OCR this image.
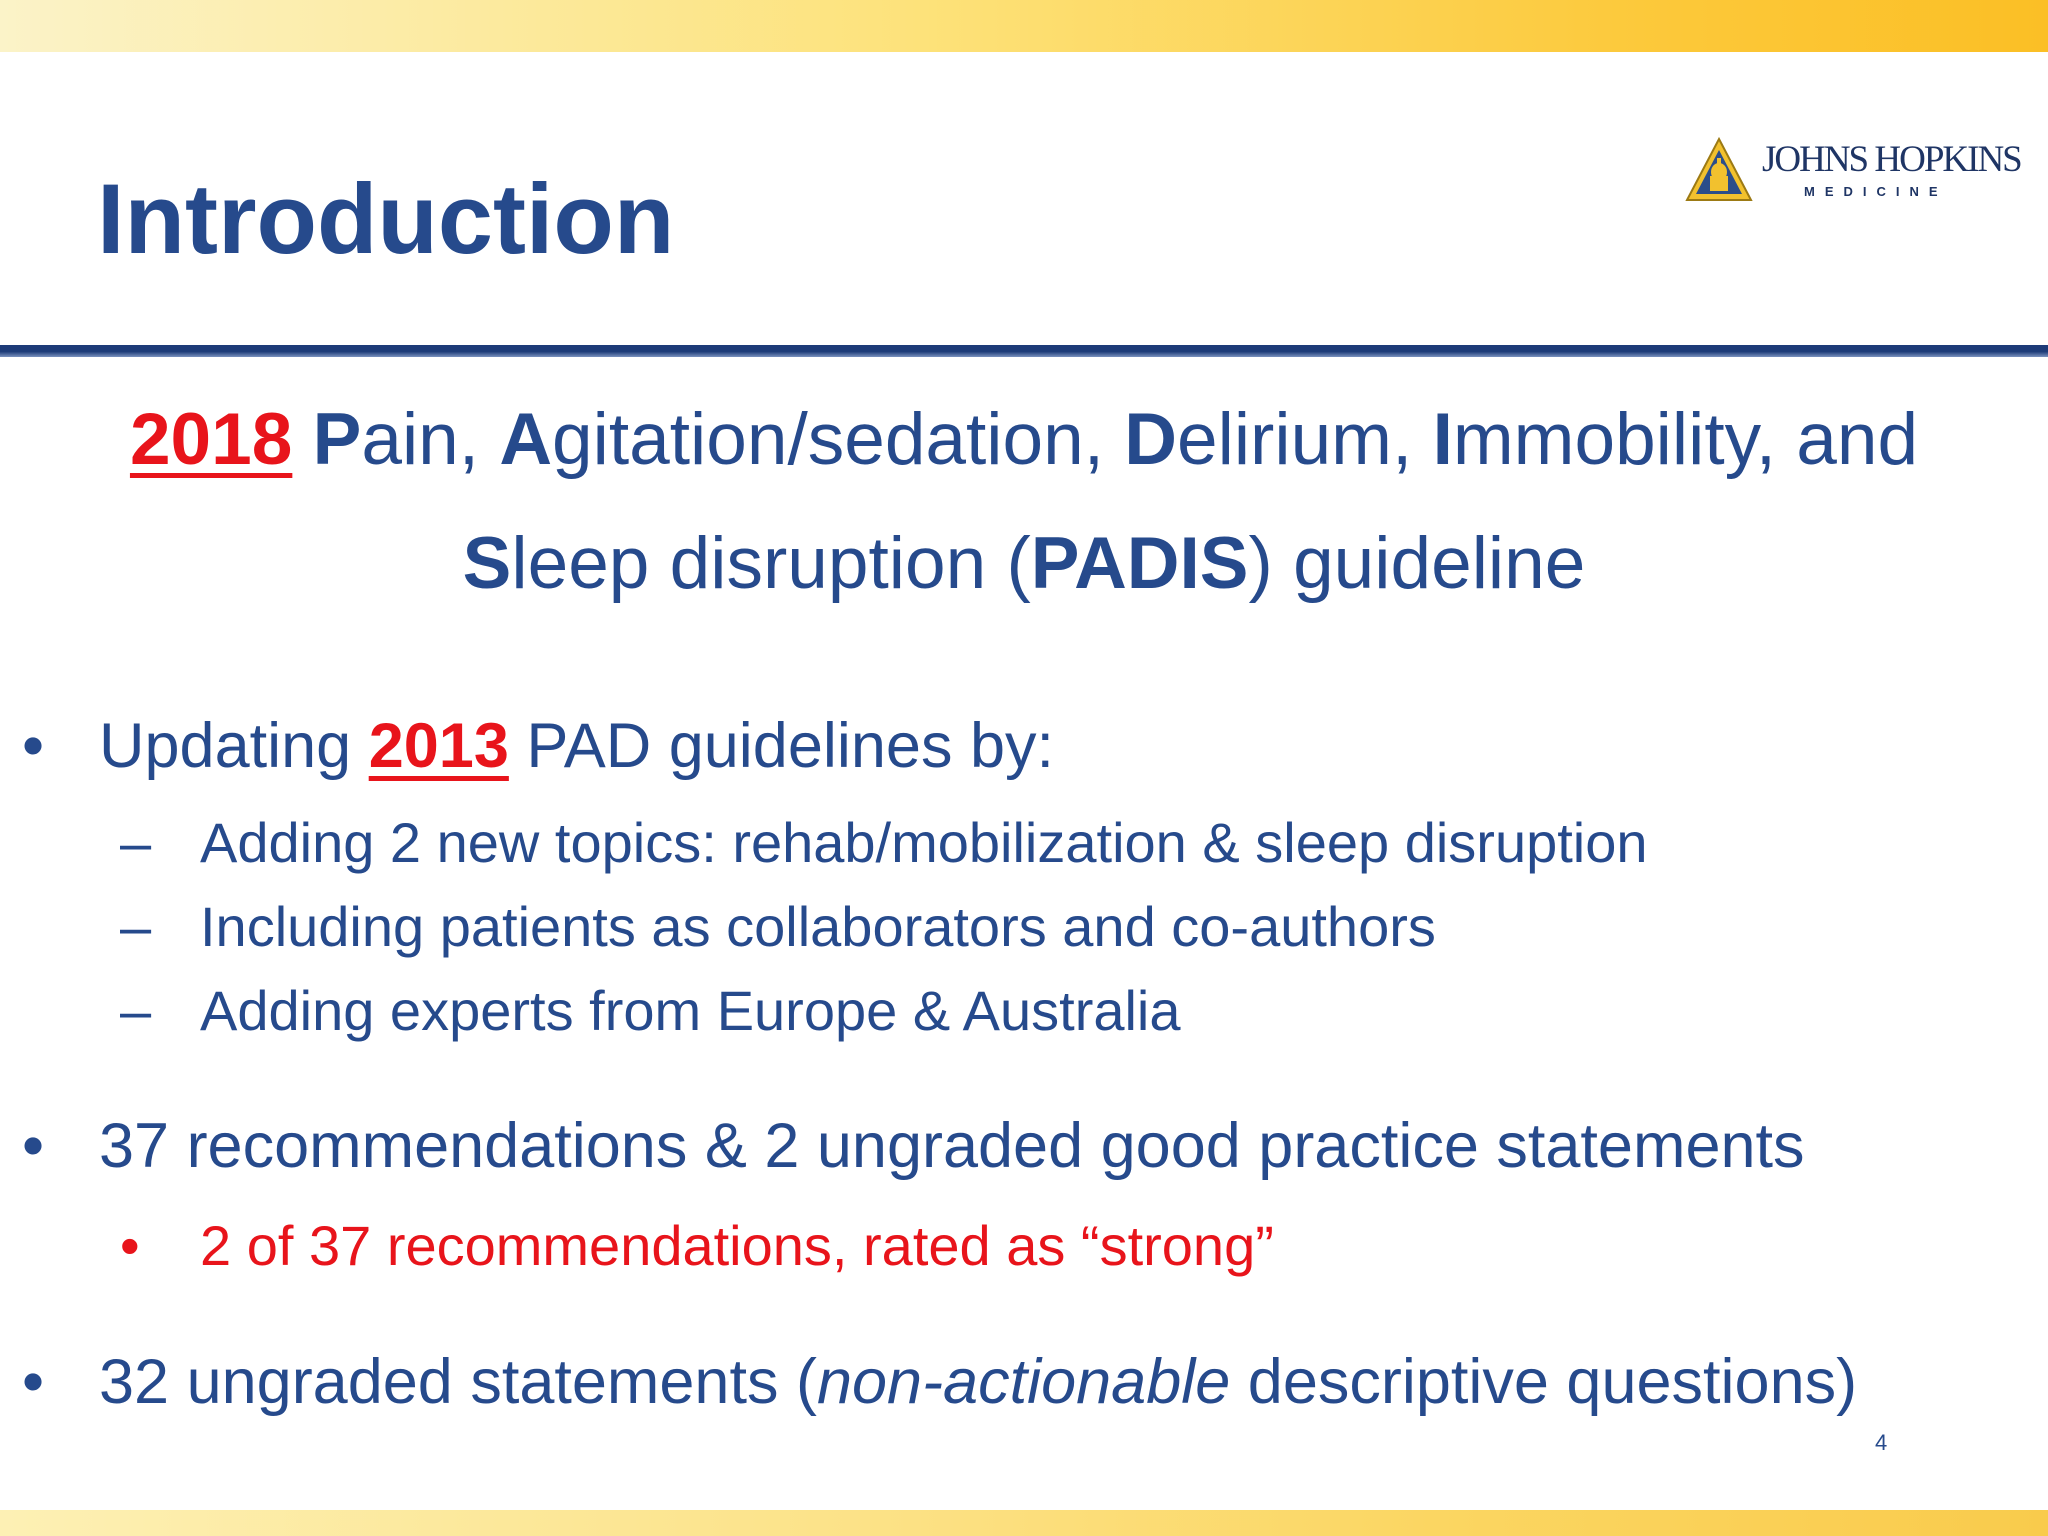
Introduction
JOHNS HOPKINS
MEDICINE
2018 Pain, Agitation/sedation, Delirium, Immobility, and
Sleep disruption (PADIS) guideline
• Updating 2013 PAD guidelines by:
– Adding 2 new topics: rehab/mobilization & sleep disruption
– Including patients as collaborators and co-authors
– Adding experts from Europe & Australia
• 37 recommendations & 2 ungraded good practice statements
• 2 of 37 recommendations, rated as “strong”
• 32 ungraded statements (non-actionable descriptive questions)
4
